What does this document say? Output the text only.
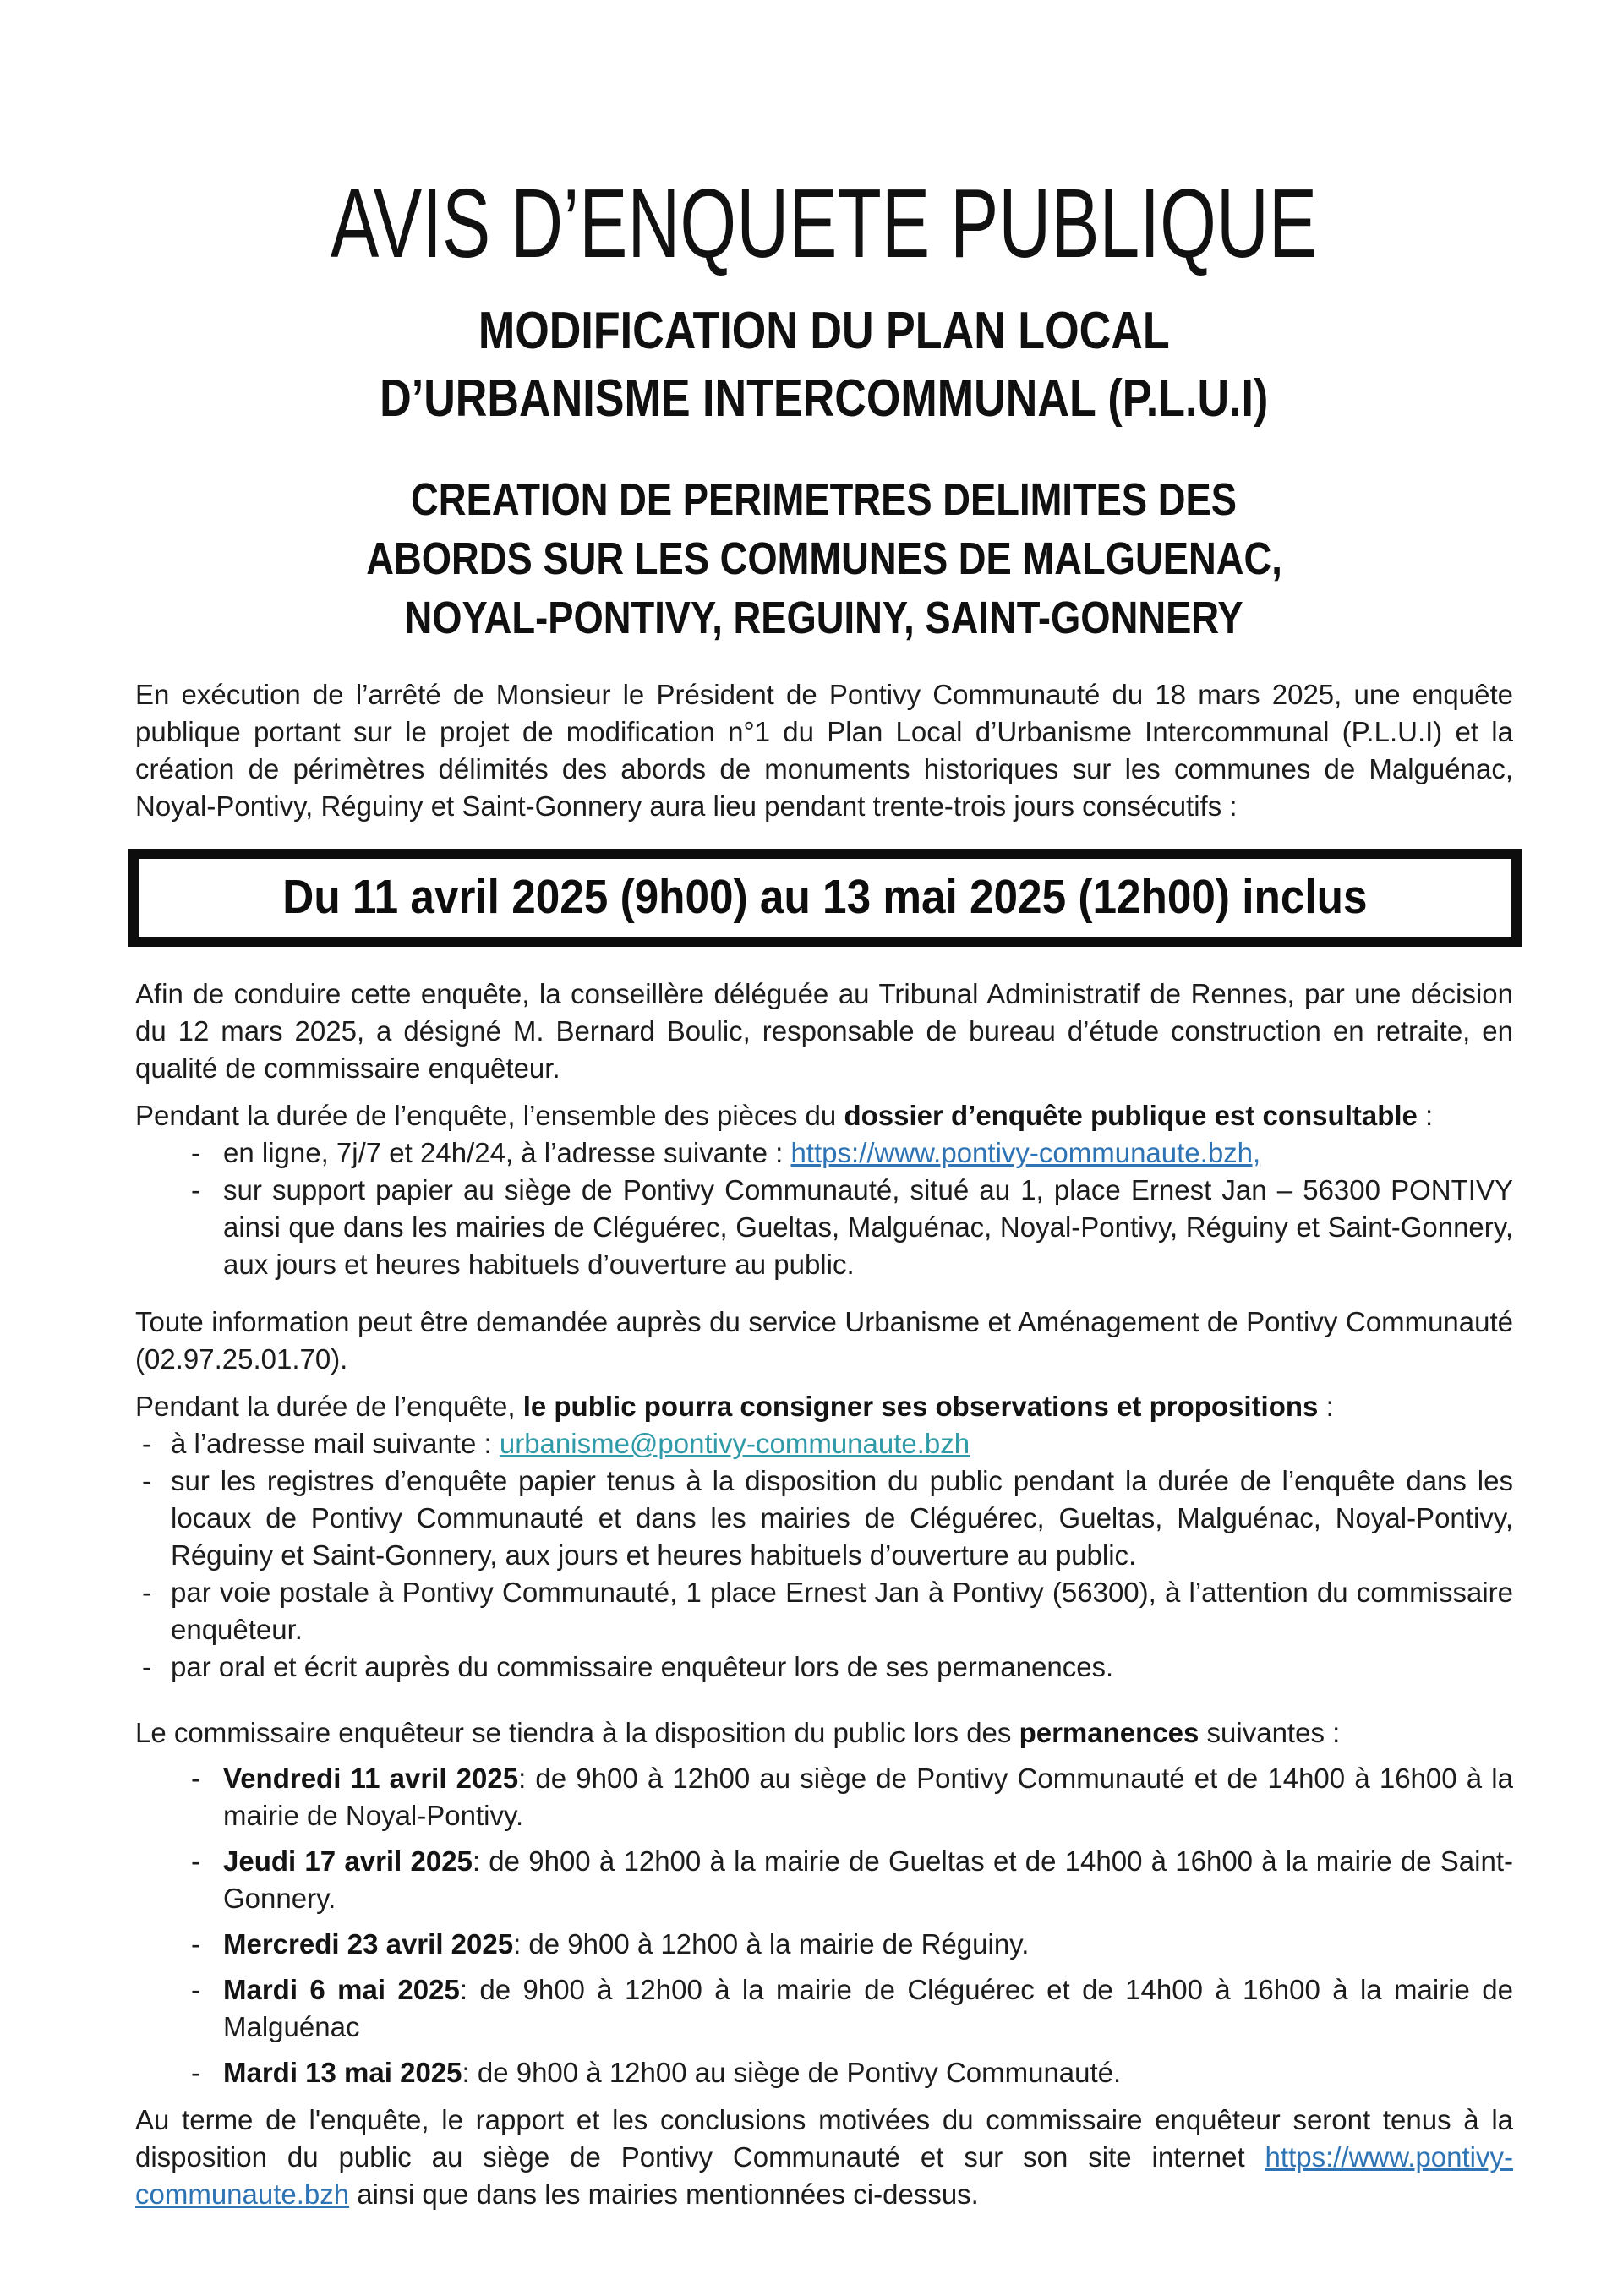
AVIS D’ENQUETE PUBLIQUE
MODIFICATION DU PLAN LOCAL
D’URBANISME INTERCOMMUNAL (P.L.U.I)
CREATION DE PERIMETRES DELIMITES DES
ABORDS SUR LES COMMUNES DE MALGUENAC,
NOYAL-PONTIVY, REGUINY, SAINT-GONNERY

En exécution de l’arrêté de Monsieur le Président de Pontivy Communauté du 18 mars 2025, une enquête publique portant sur le projet de modification n°1 du Plan Local d’Urbanisme Intercommunal (P.L.U.I) et la création de périmètres délimités des abords de monuments historiques sur les communes de Malguénac, Noyal-Pontivy, Réguiny et Saint-Gonnery aura lieu pendant trente-trois jours consécutifs :

Du 11 avril 2025 (9h00) au 13 mai 2025 (12h00) inclus

Afin de conduire cette enquête, la conseillère déléguée au Tribunal Administratif de Rennes, par une décision du 12 mars 2025, a désigné M. Bernard Boulic, responsable de bureau d’étude construction en retraite, en qualité de commissaire enquêteur.

Pendant la durée de l’enquête, l’ensemble des pièces du dossier d’enquête publique est consultable :

- en ligne, 7j/7 et 24h/24, à l’adresse suivante : https://www.pontivy-communaute.bzh,
- sur support papier au siège de Pontivy Communauté, situé au 1, place Ernest Jan – 56300 PONTIVY ainsi que dans les mairies de Cléguérec, Gueltas, Malguénac, Noyal-Pontivy, Réguiny et Saint-Gonnery, aux jours et heures habituels d’ouverture au public.

Toute information peut être demandée auprès du service Urbanisme et Aménagement de Pontivy Communauté (02.97.25.01.70).

Pendant la durée de l’enquête, le public pourra consigner ses observations et propositions :

- à l’adresse mail suivante : urbanisme@pontivy-communaute.bzh
- sur les registres d’enquête papier tenus à la disposition du public pendant la durée de l’enquête dans les locaux de Pontivy Communauté et dans les mairies de Cléguérec, Gueltas, Malguénac, Noyal-Pontivy, Réguiny et Saint-Gonnery, aux jours et heures habituels d’ouverture au public.
- par voie postale à Pontivy Communauté, 1 place Ernest Jan à Pontivy (56300), à l’attention du commissaire enquêteur.
- par oral et écrit auprès du commissaire enquêteur lors de ses permanences.

Le commissaire enquêteur se tiendra à la disposition du public lors des permanences suivantes :

- Vendredi 11 avril 2025: de 9h00 à 12h00 au siège de Pontivy Communauté et de 14h00 à 16h00 à la mairie de Noyal-Pontivy.
- Jeudi 17 avril 2025: de 9h00 à 12h00 à la mairie de Gueltas et de 14h00 à 16h00 à la mairie de Saint-Gonnery.
- Mercredi 23 avril 2025: de 9h00 à 12h00 à la mairie de Réguiny.
- Mardi 6 mai 2025: de 9h00 à 12h00 à la mairie de Cléguérec et de 14h00 à 16h00 à la mairie de Malguénac
- Mardi 13 mai 2025: de 9h00 à 12h00 au siège de Pontivy Communauté.

Au terme de l'enquête, le rapport et les conclusions motivées du commissaire enquêteur seront tenus à la disposition du public au siège de Pontivy Communauté et sur son site internet https://www.pontivy-communaute.bzh ainsi que dans les mairies mentionnées ci-dessus.
